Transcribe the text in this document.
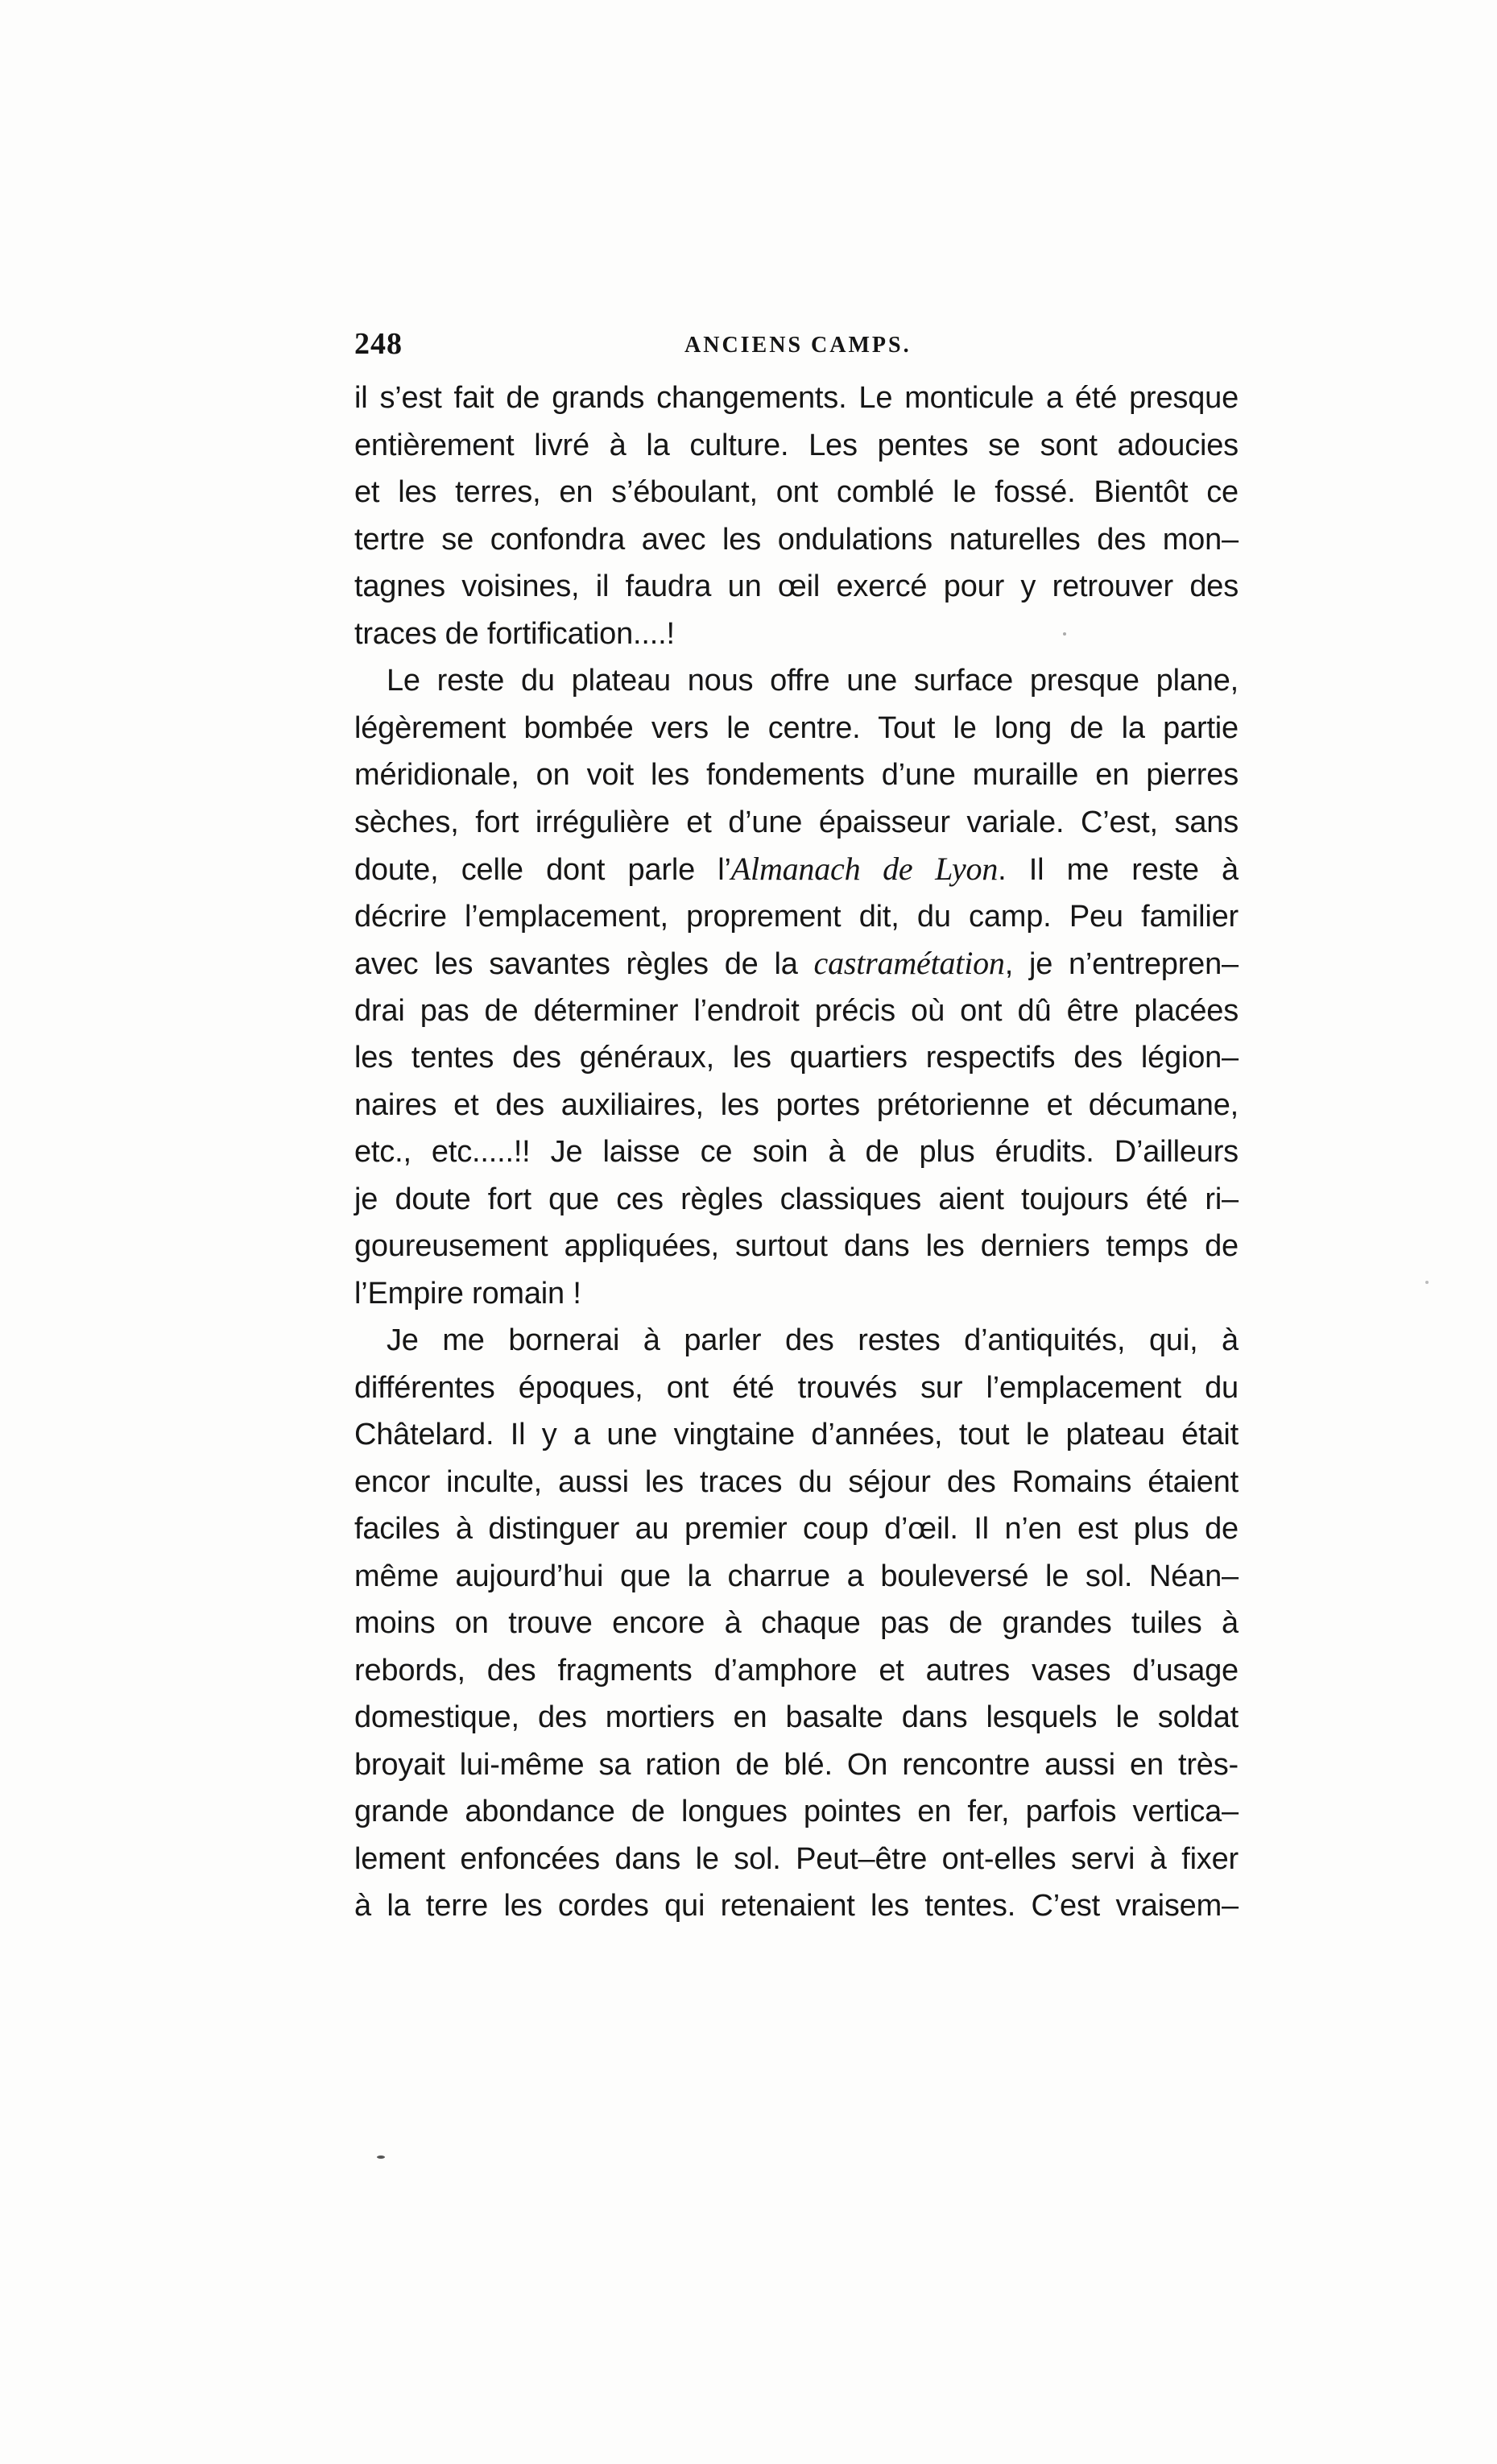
248	ANCIENS CAMPS.
il s’est fait de grands changements. Le monticule a été presque
entièrement livré à la culture. Les pentes se sont adoucies
et les terres, en s’éboulant, ont comblé le fossé. Bientôt ce
tertre se confondra avec les ondulations naturelles des mon–
tagnes voisines, il faudra un œil exercé pour y retrouver des
traces de fortification....!
Le reste du plateau nous offre une surface presque plane,
légèrement bombée vers le centre. Tout le long de la partie
méridionale, on voit les fondements d’une muraille en pierres
sèches, fort irrégulière et d’une épaisseur variale. C’est, sans
doute, celle dont parle l’Almanach de Lyon. Il me reste à
décrire l’emplacement, proprement dit, du camp. Peu familier
avec les savantes règles de la castramétation, je n’entrepren–
drai pas de déterminer l’endroit précis où ont dû être placées
les tentes des généraux, les quartiers respectifs des légion–
naires et des auxiliaires, les portes prétorienne et décumane,
etc., etc.....!! Je laisse ce soin à de plus érudits. D’ailleurs
je doute fort que ces règles classiques aient toujours été ri–
goureusement appliquées, surtout dans les derniers temps de
l’Empire romain !
Je me bornerai à parler des restes d’antiquités, qui, à
différentes époques, ont été trouvés sur l’emplacement du
Châtelard. Il y a une vingtaine d’années, tout le plateau était
encor inculte, aussi les traces du séjour des Romains étaient
faciles à distinguer au premier coup d’œil. Il n’en est plus de
même aujourd’hui que la charrue a bouleversé le sol. Néan–
moins on trouve encore à chaque pas de grandes tuiles à
rebords, des fragments d’amphore et autres vases d’usage
domestique, des mortiers en basalte dans lesquels le soldat
broyait lui-même sa ration de blé. On rencontre aussi en très-
grande abondance de longues pointes en fer, parfois vertica–
lement enfoncées dans le sol. Peut–être ont-elles servi à fixer
à la terre les cordes qui retenaient les tentes. C’est vraisem–
